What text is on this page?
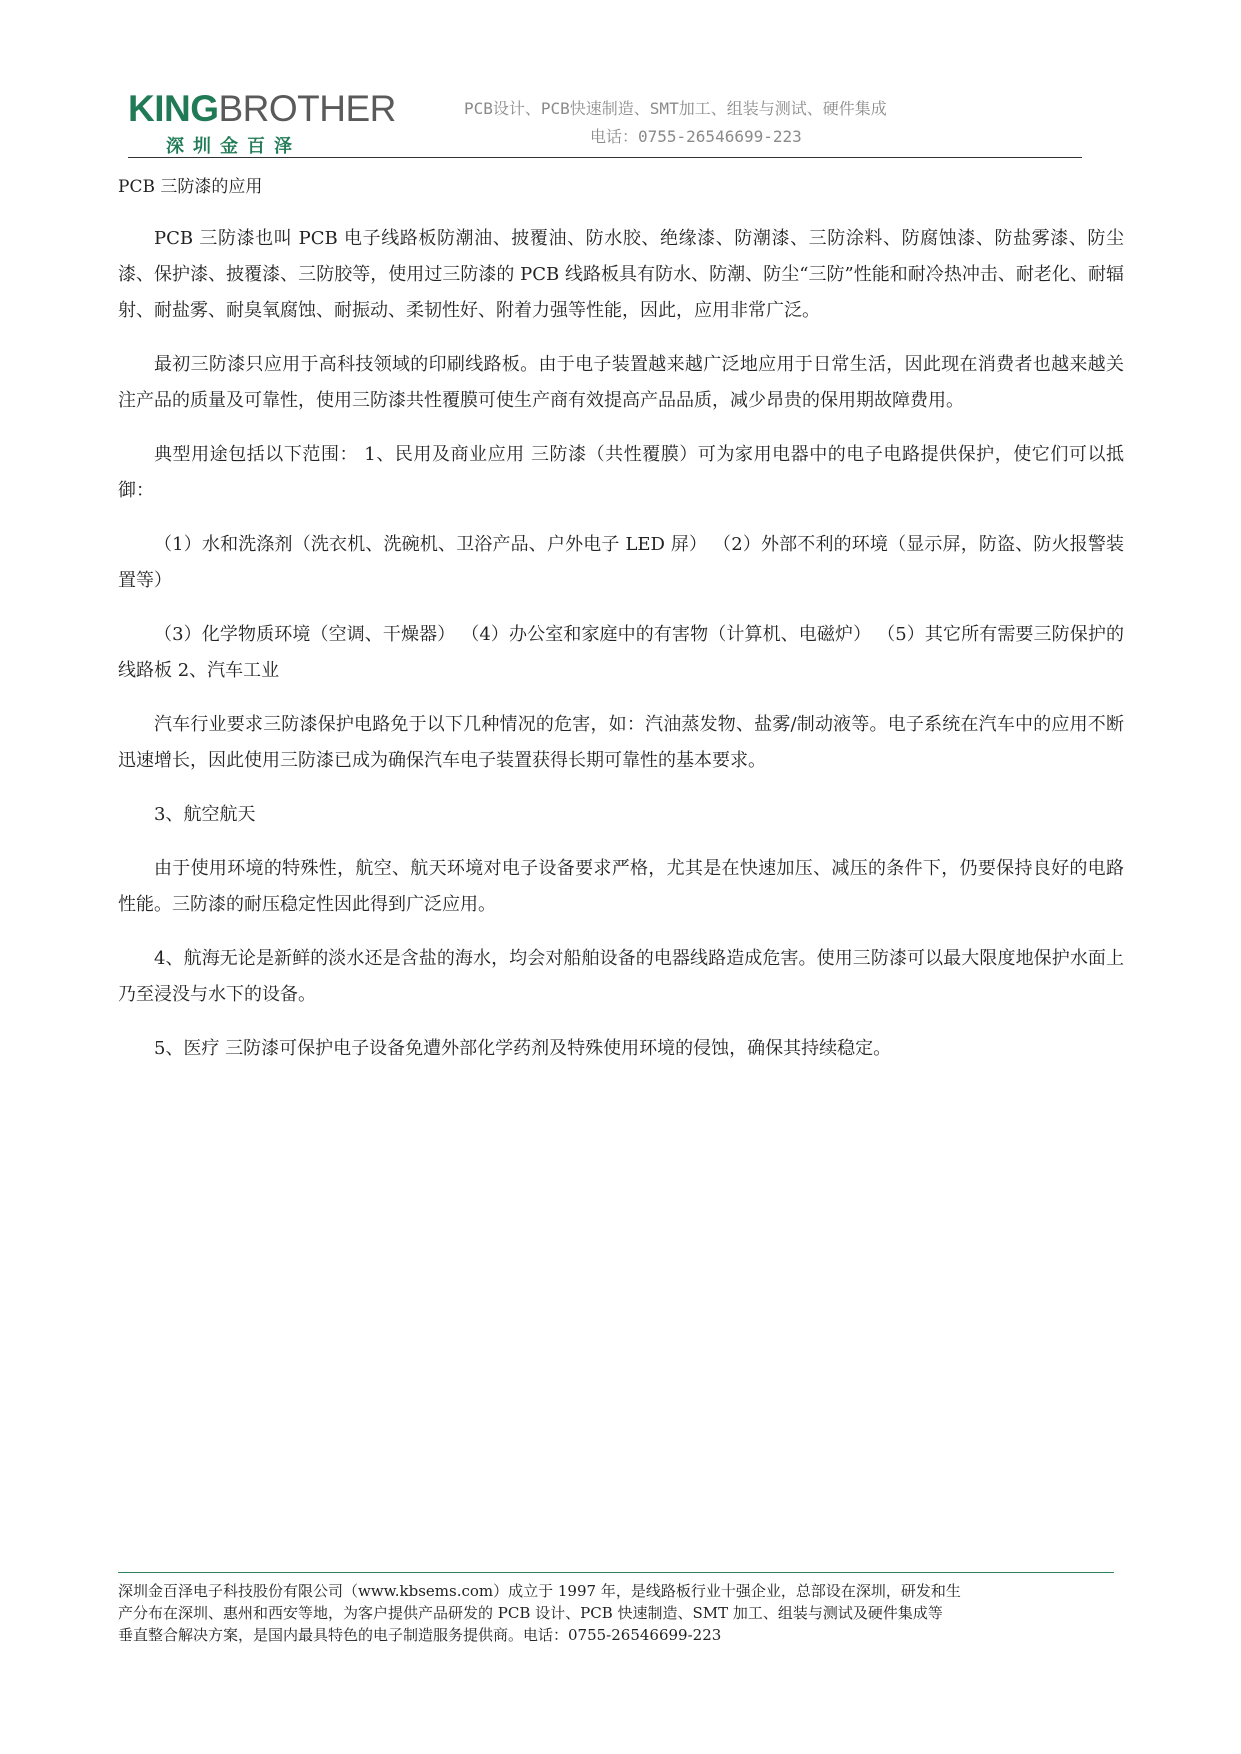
KINGBROTHER
深圳金百泽
PCB设计、PCB快速制造、SMT加工、组装与测试、硬件集成
电话：0755-26546699-223
PCB 三防漆的应用

PCB 三防漆也叫 PCB 电子线路板防潮油、披覆油、防水胶、绝缘漆、防潮漆、三防涂料、防腐蚀漆、防盐雾漆、防尘漆、保护漆、披覆漆、三防胶等，使用过三防漆的 PCB 线路板具有防水、防潮、防尘“三防”性能和耐冷热冲击、耐老化、耐辐射、耐盐雾、耐臭氧腐蚀、耐振动、柔韧性好、附着力强等性能，因此，应用非常广泛。

最初三防漆只应用于高科技领域的印刷线路板。由于电子装置越来越广泛地应用于日常生活，因此现在消费者也越来越关注产品的质量及可靠性，使用三防漆共性覆膜可使生产商有效提高产品品质，减少昂贵的保用期故障费用。

典型用途包括以下范围： 1、民用及商业应用 三防漆（共性覆膜）可为家用电器中的电子电路提供保护，使它们可以抵御：

（1）水和洗涤剂（洗衣机、洗碗机、卫浴产品、户外电子 LED 屏） （2）外部不利的环境（显示屏，防盗、防火报警装置等）

（3）化学物质环境（空调、干燥器） （4）办公室和家庭中的有害物（计算机、电磁炉） （5）其它所有需要三防保护的线路板 2、汽车工业

汽车行业要求三防漆保护电路免于以下几种情况的危害，如：汽油蒸发物、盐雾/制动液等。电子系统在汽车中的应用不断迅速增长，因此使用三防漆已成为确保汽车电子装置获得长期可靠性的基本要求。

3、航空航天

由于使用环境的特殊性，航空、航天环境对电子设备要求严格，尤其是在快速加压、减压的条件下，仍要保持良好的电路性能。三防漆的耐压稳定性因此得到广泛应用。

4、航海无论是新鲜的淡水还是含盐的海水，均会对船舶设备的电器线路造成危害。使用三防漆可以最大限度地保护水面上乃至浸没与水下的设备。

5、医疗 三防漆可保护电子设备免遭外部化学药剂及特殊使用环境的侵蚀，确保其持续稳定。

深圳金百泽电子科技股份有限公司（www.kbsems.com）成立于 1997 年，是线路板行业十强企业，总部设在深圳，研发和生

产分布在深圳、惠州和西安等地，为客户提供产品研发的 PCB 设计、PCB 快速制造、SMT 加工、组装与测试及硬件集成等

垂直整合解决方案，是国内最具特色的电子制造服务提供商。电话：0755-26546699-223
